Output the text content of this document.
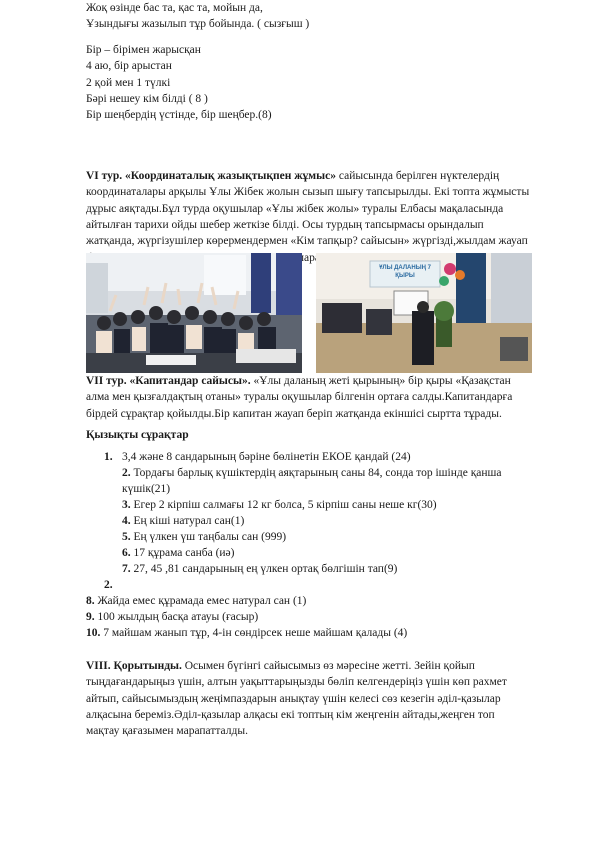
Жоқ өзінде бас та, қас та, мойын да,
Ұзындығы жазылып тұр бойында. ( сызғыш )
Бір – бірімен жарысқан
4 аю, бір арыстан
2 қой мен 1 түлкі
Бәрі нешеу кім білді ( 8 )
Бір шеңбердің үстінде, бір шеңбер.(8)
VI тур. «Координаталық жазықтықпен жұмыс» сайысында берілген нүктелердің
координаталары арқылы Ұлы Жібек жолын сызып шығу тапсырылды. Екі топта жұмысты
дұрыс аяқтады.Бұл турда оқушылар «Ұлы жібек жолы» туралы Елбасы мақаласында
айтылған тарихи ойды шебер жеткізе білді. Осы турдың тапсырмасы орындалып
жатқанда, жүргізушілер көрермендермен «Кім тапқыр? сайысын» жүргізді,жылдам жауап
ҰЛЫ ДАЛАНЫҢ 7 ҚЫРЫ
VII тур. «Капитандар сайысы». «Ұлы даланың жеті қырының» бір қыры «Қазақстан
алма мен қызғалдақтың отаны» туралы оқушылар білгенін ортаға салды.Капитандарға
бірдей сұрақтар қойылды.Бір капитан жауап беріп жатқанда екіншісі сыртта тұрады.
Қызықты сұрақтар
1. 3,4 және 8 сандарының бәріне бөлінетін ЕКОЕ қандай (24)
2. Тордағы барлық күшіктердің аяқтарының саны 84, сонда тор ішінде қанша
күшік(21)
3. Егер 2 кірпіш салмағы 12 кг болса, 5 кірпіш саны неше кг(30)
4. Ең кіші натурал сан(1)
5. Ең үлкен үш таңбалы сан (999)
6. 17 құрама санба (иә)
7. 27, 45 ,81 сандарының ең үлкен ортақ бөлгішін тап(9)
2.
8. Жайда емес құрамада емес натурал сан (1)
9. 100 жылдың басқа атауы (ғасыр)
10. 7 майшам жанып тұр, 4-ін сөндірсек неше майшам қалады (4)
VIII. Қорытынды. Осымен бүгінгі сайысымыз өз мәресіне жетті. Зейін қойып
тыңдағандарыңыз үшін, алтын уақыттарыңызды бөліп келгендеріңіз үшін көп рахмет
айтып, сайысымыздың жеңімпаздарын анықтау үшін келесі сөз кезегін әділ-қазылар
алқасына береміз.Әділ-қазылар алқасы екі топтың кім жеңгенін айтады,жеңген топ
мақтау қағазымен марапатталды.
